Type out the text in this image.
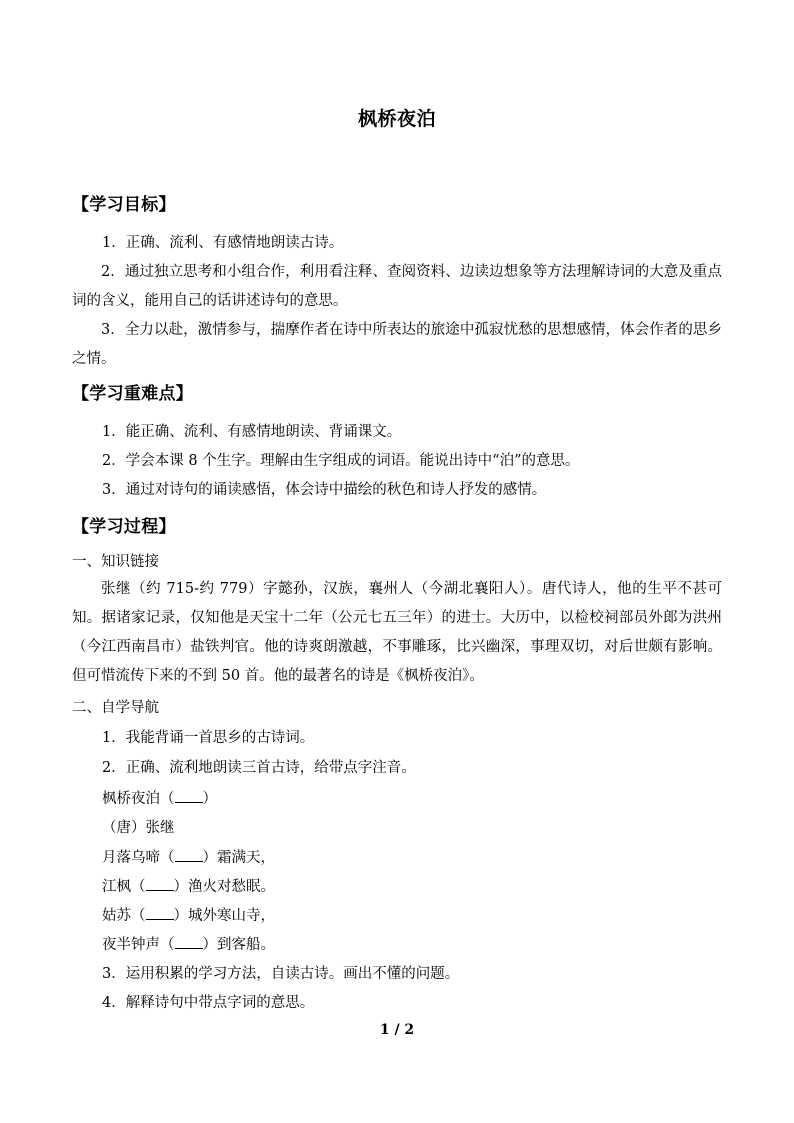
枫桥夜泊
【学习目标】
1．正确、流利、有感情地朗读古诗。
2．通过独立思考和小组合作，利用看注释、查阅资料、边读边想象等方法理解诗词的大意及重点词的含义，能用自己的话讲述诗句的意思。
3．全力以赴，激情参与，揣摩作者在诗中所表达的旅途中孤寂忧愁的思想感情，体会作者的思乡之情。
【学习重难点】
1．能正确、流利、有感情地朗读、背诵课文。
2．学会本课 8 个生字。理解由生字组成的词语。能说出诗中“泊”的意思。
3．通过对诗句的诵读感悟，体会诗中描绘的秋色和诗人抒发的感情。
【学习过程】
一、知识链接
张继（约 715-约 779）字懿孙，汉族，襄州人（今湖北襄阳人）。唐代诗人，他的生平不甚可知。据诸家记录，仅知他是天宝十二年（公元七五三年）的进士。大历中，以检校祠部员外郎为洪州（今江西南昌市）盐铁判官。他的诗爽朗激越，不事雕琢，比兴幽深，事理双切，对后世颇有影响。但可惜流传下来的不到 50 首。他的最著名的诗是《枫桥夜泊》。
二、自学导航
1．我能背诵一首思乡的古诗词。
2．正确、流利地朗读三首古诗，给带点字注音。
枫桥夜泊（ ）
（唐）张继
月落乌啼（ ）霜满天，
江枫（ ）渔火对愁眠。
姑苏（ ）城外寒山寺，
夜半钟声（ ）到客船。
3．运用积累的学习方法，自读古诗。画出不懂的问题。
4．解释诗句中带点字词的意思。
1 / 2
